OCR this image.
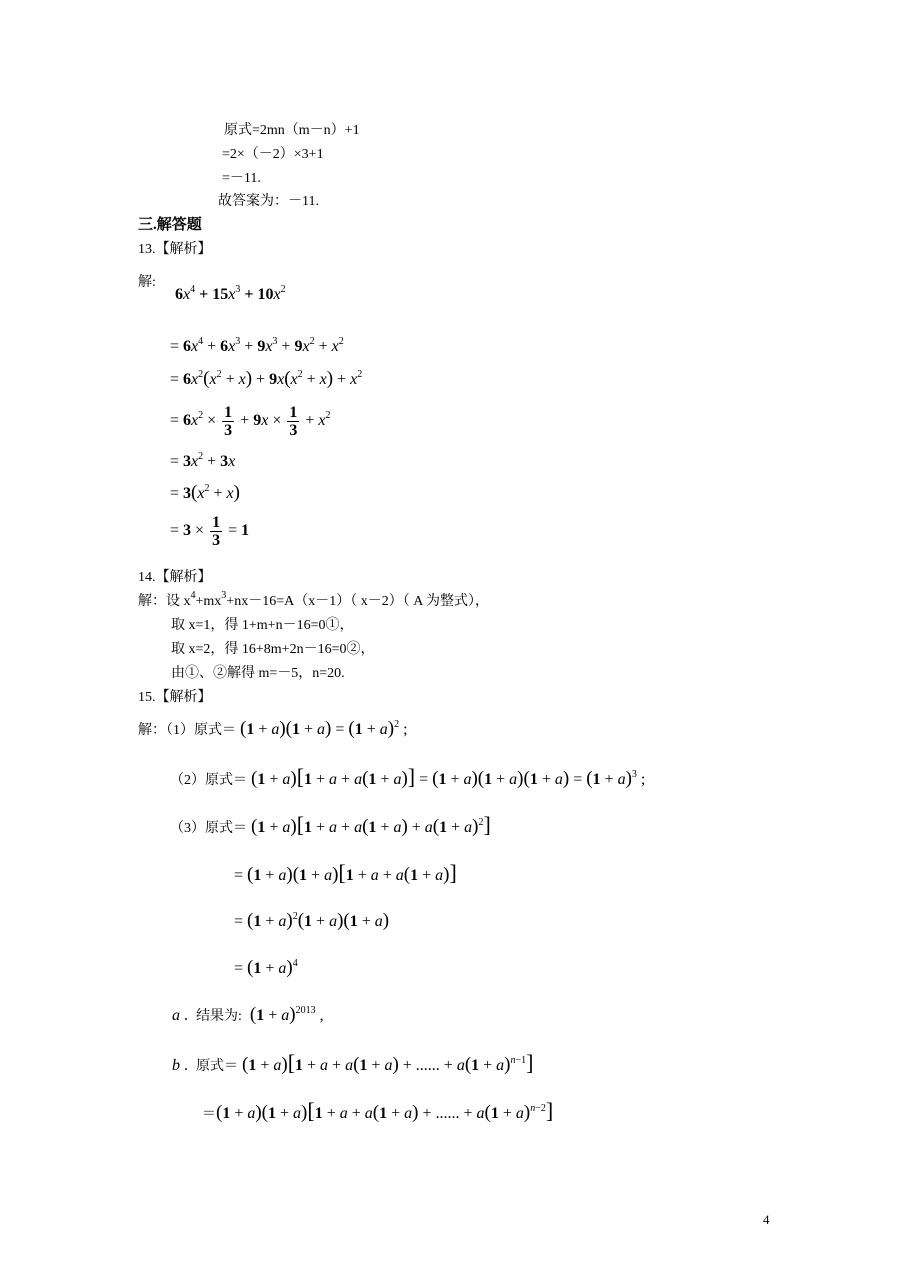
原式=2mn（m－n）+1
=2×（－2）×3+1
=－11.
故答案为：－11.
三.解答题
13.【解析】
解:
$6x^4 + 15x^3 + 10x^2$
= $6x^4 + 6x^3 + 9x^3 + 9x^2 + x^2$
= $6x^2(x^2 + x) + 9x(x^2 + x) + x^2$
= $6x^2 \times \frac{1}{3} + 9x \times \frac{1}{3} + x^2$
= $3x^2 + 3x$
= $3(x^2 + x)$
= $3 \times \frac{1}{3} = 1$
14.【解析】
解：设 $x^4+mx^3+nx-16=A(x-1)$（ x－2）（ A 为整式），
取 x=1，得 1+m+n－16=0①，
取 x=2，得 16+8m+2n－16=0②，
由①、②解得 m=－5，n=20.
15.【解析】
解：（1）原式＝ $(1 + a)(1 + a) = (1 + a)^2$ ;
（2）原式＝ $(1 + a)[1 + a + a(1 + a)] = (1 + a)(1 + a)(1 + a) = (1 + a)^3$ ;
（3）原式＝ $(1 + a)[1 + a + a(1 + a) + a(1 + a)^2]$
= (1 + a)(1 + a)[1 + a + a(1 + a)]
= $(1 + a)^2(1 + a)(1 + a)$
= $(1 + a)^4$
a .  结果为: $(1 + a)^{2013}$ ,
b .  原式＝ (1 + a)[1 + a + a(1 + a) + ...... + $a(1 + a)^{n-1}$]
＝(1 + a)(1 + a)[1 + a + a(1 + a) + ...... + $a(1 + a)^{n-2}$]
4
